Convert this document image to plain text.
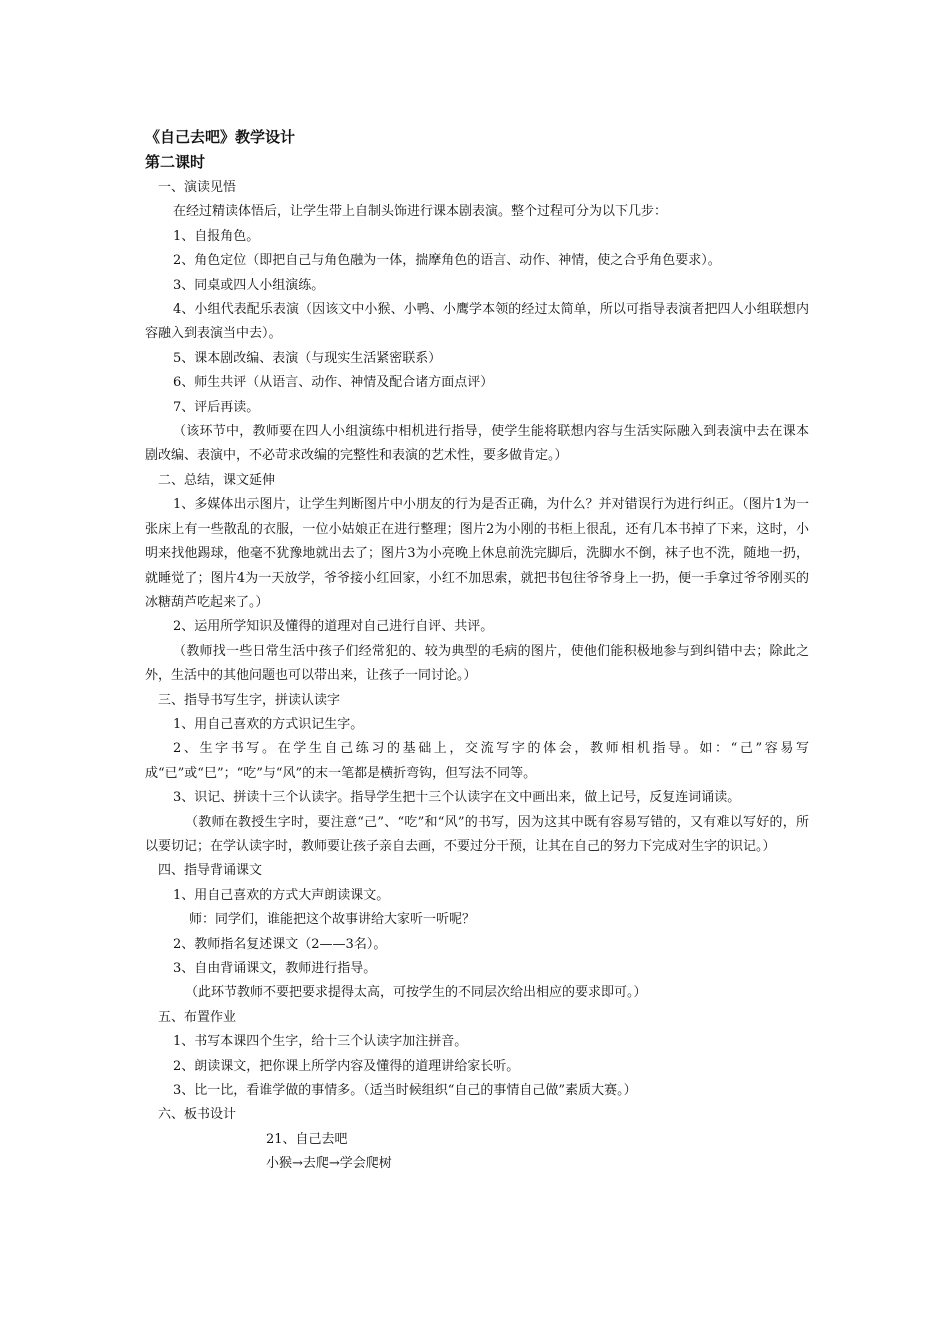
《自己去吧》教学设计
第二课时

一、演读见悟

在经过精读体悟后，让学生带上自制头饰进行课本剧表演。整个过程可分为以下几步：

1、自报角色。

2、角色定位（即把自己与角色融为一体，揣摩角色的语言、动作、神情，使之合乎角色要求）。

3、同桌或四人小组演练。

4、小组代表配乐表演（因该文中小猴、小鸭、小鹰学本领的经过太简单，所以可指导表演者把四人小组联想内容融入到表演当中去）。

5、课本剧改编、表演（与现实生活紧密联系）

6、师生共评（从语言、动作、神情及配合诸方面点评）

7、评后再读。

（该环节中，教师要在四人小组演练中相机进行指导，使学生能将联想内容与生活实际融入到表演中去在课本剧改编、表演中，不必苛求改编的完整性和表演的艺术性，要多做肯定。）

二、总结，课文延伸

1、多媒体出示图片，让学生判断图片中小朋友的行为是否正确，为什么？并对错误行为进行纠正。（图片1为一张床上有一些散乱的衣服，一位小姑娘正在进行整理；图片2为小刚的书柜上很乱，还有几本书掉了下来，这时，小明来找他踢球，他毫不犹豫地就出去了；图片3为小亮晚上休息前洗完脚后，洗脚水不倒，袜子也不洗，随地一扔，就睡觉了；图片4为一天放学，爷爷接小红回家，小红不加思索，就把书包往爷爷身上一扔，便一手拿过爷爷刚买的冰糖葫芦吃起来了。）

2、运用所学知识及懂得的道理对自己进行自评、共评。

（教师找一些日常生活中孩子们经常犯的、较为典型的毛病的图片，使他们能积极地参与到纠错中去；除此之外，生活中的其他问题也可以带出来，让孩子一同讨论。）

三、指导书写生字，拼读认读字

1、用自己喜欢的方式识记生字。

2、生字书写。在学生自己练习的基础上，交流写字的体会，教师相机指导。如：“己”容易写成“已”或“巳”；“吃”与“风”的末一笔都是横折弯钩，但写法不同等。

3、识记、拼读十三个认读字。指导学生把十三个认读字在文中画出来，做上记号，反复连词诵读。

（教师在教授生字时，要注意“己”、“吃”和“风”的书写，因为这其中既有容易写错的，又有难以写好的，所以要切记；在学认读字时，教师要让孩子亲自去画，不要过分干预，让其在自己的努力下完成对生字的识记。）

四、指导背诵课文

1、用自己喜欢的方式大声朗读课文。

师：同学们，谁能把这个故事讲给大家听一听呢？

2、教师指名复述课文（2——3名）。

3、自由背诵课文，教师进行指导。

（此环节教师不要把要求提得太高，可按学生的不同层次给出相应的要求即可。）

五、布置作业

1、书写本课四个生字，给十三个认读字加注拼音。

2、朗读课文，把你课上所学内容及懂得的道理讲给家长听。

3、比一比，看谁学做的事情多。（适当时候组织“自己的事情自己做”素质大赛。）

六、板书设计

21、自己去吧

小猴→去爬→学会爬树
